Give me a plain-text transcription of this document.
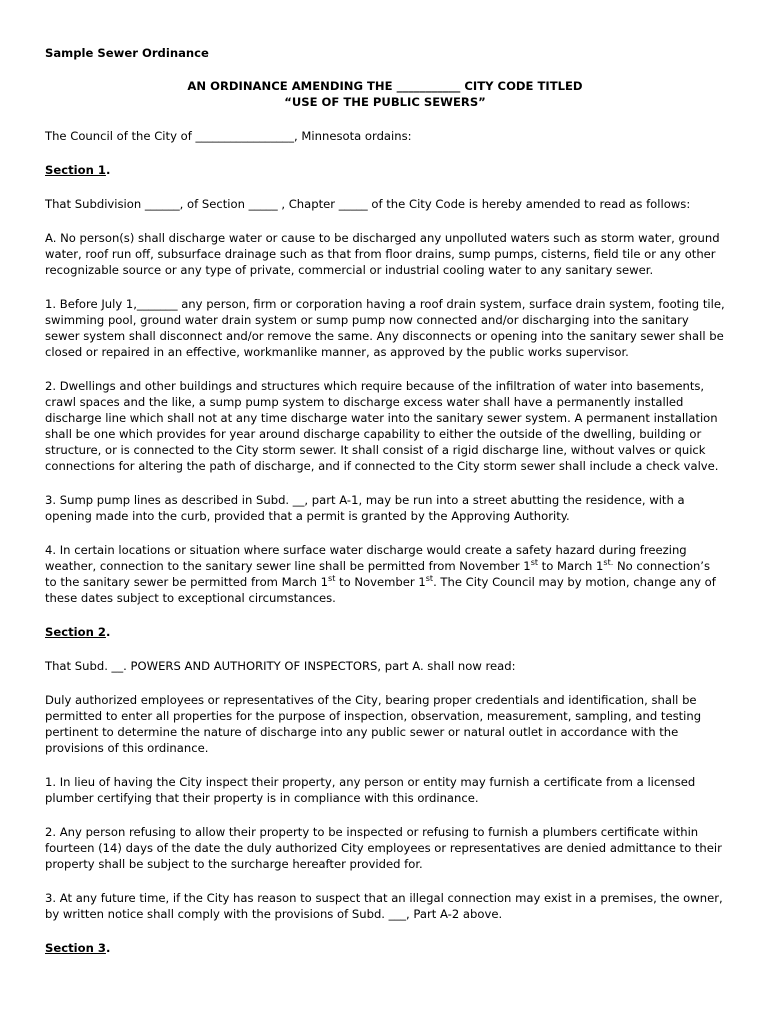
Sample Sewer Ordinance

AN ORDINANCE AMENDING THE ___________ CITY CODE TITLED
“USE OF THE PUBLIC SEWERS”

The Council of the City of _________________, Minnesota ordains:

Section 1.

That Subdivision ______, of Section _____ , Chapter _____ of the City Code is hereby amended to read as follows:

A. No person(s) shall discharge water or cause to be discharged any unpolluted waters such as storm water, ground water, roof run off, subsurface drainage such as that from floor drains, sump pumps, cisterns, field tile or any other recognizable source or any type of private, commercial or industrial cooling water to any sanitary sewer.

1. Before July 1,_______ any person, firm or corporation having a roof drain system, surface drain system, footing tile, swimming pool, ground water drain system or sump pump now connected and/or discharging into the sanitary sewer system shall disconnect and/or remove the same. Any disconnects or opening into the sanitary sewer shall be closed or repaired in an effective, workmanlike manner, as approved by the public works supervisor.

2. Dwellings and other buildings and structures which require because of the infiltration of water into basements, crawl spaces and the like, a sump pump system to discharge excess water shall have a permanently installed discharge line which shall not at any time discharge water into the sanitary sewer system. A permanent installation shall be one which provides for year around discharge capability to either the outside of the dwelling, building or structure, or is connected to the City storm sewer. It shall consist of a rigid discharge line, without valves or quick connections for altering the path of discharge, and if connected to the City storm sewer shall include a check valve.

3. Sump pump lines as described in Subd. __, part A-1, may be run into a street abutting the residence, with a opening made into the curb, provided that a permit is granted by the Approving Authority.

4. In certain locations or situation where surface water discharge would create a safety hazard during freezing weather, connection to the sanitary sewer line shall be permitted from November 1st to March $1^{st.}$ No connection’s to the sanitary sewer be permitted from March 1st to November 1st. The City Council may by motion, change any of these dates subject to exceptional circumstances.

Section 2.

That Subd. __. POWERS AND AUTHORITY OF INSPECTORS, part A. shall now read:

Duly authorized employees or representatives of the City, bearing proper credentials and identification, shall be permitted to enter all properties for the purpose of inspection, observation, measurement, sampling, and testing pertinent to determine the nature of discharge into any public sewer or natural outlet in accordance with the provisions of this ordinance.

1. In lieu of having the City inspect their property, any person or entity may furnish a certificate from a licensed plumber certifying that their property is in compliance with this ordinance.

2. Any person refusing to allow their property to be inspected or refusing to furnish a plumbers certificate within fourteen (14) days of the date the duly authorized City employees or representatives are denied admittance to their property shall be subject to the surcharge hereafter provided for.

3. At any future time, if the City has reason to suspect that an illegal connection may exist in a premises, the owner, by written notice shall comply with the provisions of Subd. ___, Part A-2 above.

Section 3.
